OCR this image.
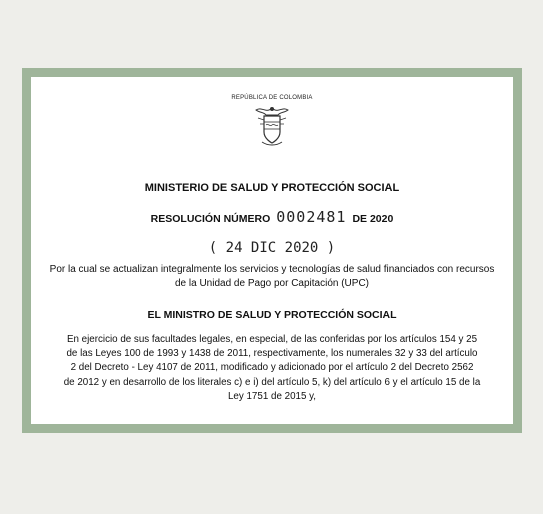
REPÚBLICA DE COLOMBIA
MINISTERIO DE SALUD Y PROTECCIÓN SOCIAL
RESOLUCIÓN NÚMERO 0002481 DE 2020
( 24 DIC 2020 )
Por la cual se actualizan integralmente los servicios y tecnologías de salud financiados con recursos de la Unidad de Pago por Capitación (UPC)
EL MINISTRO DE SALUD Y PROTECCIÓN SOCIAL
En ejercicio de sus facultades legales, en especial, de las conferidas por los artículos 154 y 25
de las Leyes 100 de 1993 y 1438 de 2011, respectivamente, los numerales 32 y 33 del artículo
2 del Decreto - Ley 4107 de 2011, modificado y adicionado por el artículo 2 del Decreto 2562
de 2012 y en desarrollo de los literales c) e i) del artículo 5, k) del artículo 6 y el artículo 15 de la
Ley 1751 de 2015 y,
